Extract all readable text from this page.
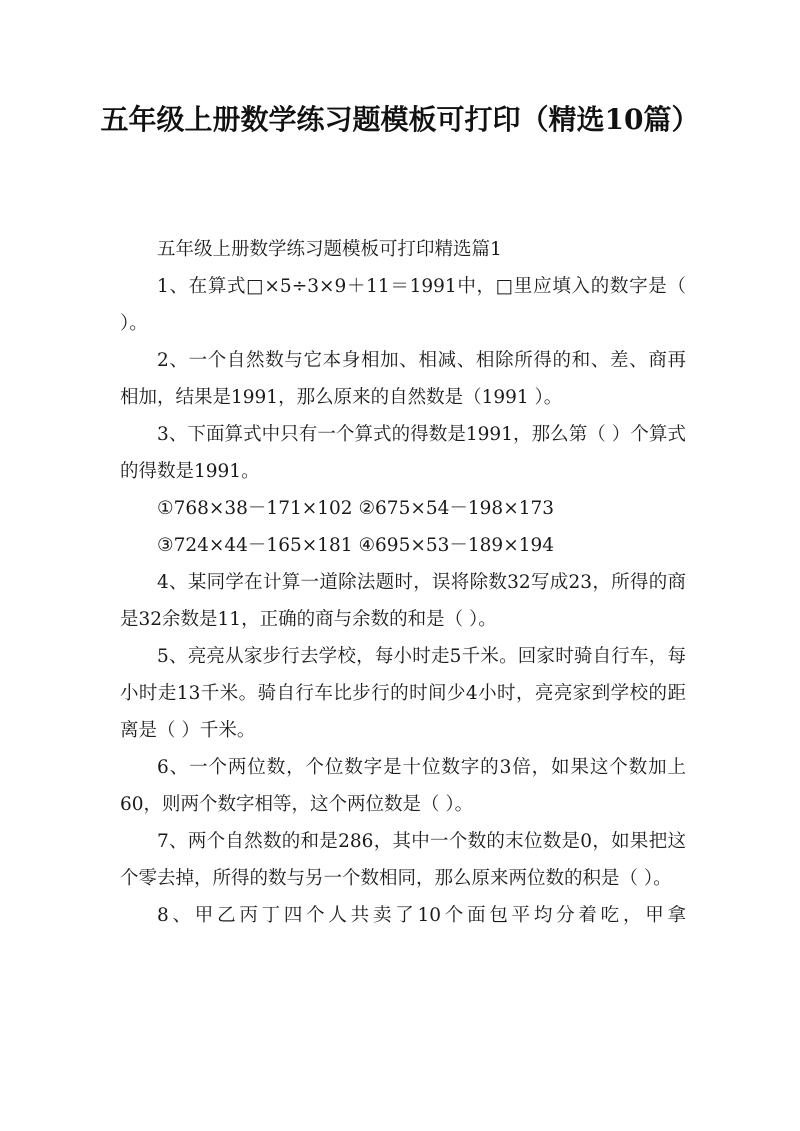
五年级上册数学练习题模板可打印（精选10篇）

五年级上册数学练习题模板可打印精选篇1

1、在算式□×5÷3×9＋11＝1991中，□里应填入的数字是（ ）。

2、一个自然数与它本身相加、相减、相除所得的和、差、商再相加，结果是1991，那么原来的自然数是（1991 ）。

3、下面算式中只有一个算式的得数是1991，那么第（ ）个算式的得数是1991。

①768×38－171×102 ②675×54－198×173

③724×44－165×181 ④695×53－189×194

4、某同学在计算一道除法题时，误将除数32写成23，所得的商是32余数是11，正确的商与余数的和是（ ）。

5、亮亮从家步行去学校，每小时走5千米。回家时骑自行车，每小时走13千米。骑自行车比步行的时间少4小时，亮亮家到学校的距离是（ ）千米。

6、一个两位数，个位数字是十位数字的3倍，如果这个数加上60，则两个数字相等，这个两位数是（ ）。

7、两个自然数的和是286，其中一个数的末位数是0，如果把这个零去掉，所得的数与另一个数相同，那么原来两位数的积是（ ）。

8、甲乙丙丁四个人共卖了10个面包平均分着吃，甲拿
